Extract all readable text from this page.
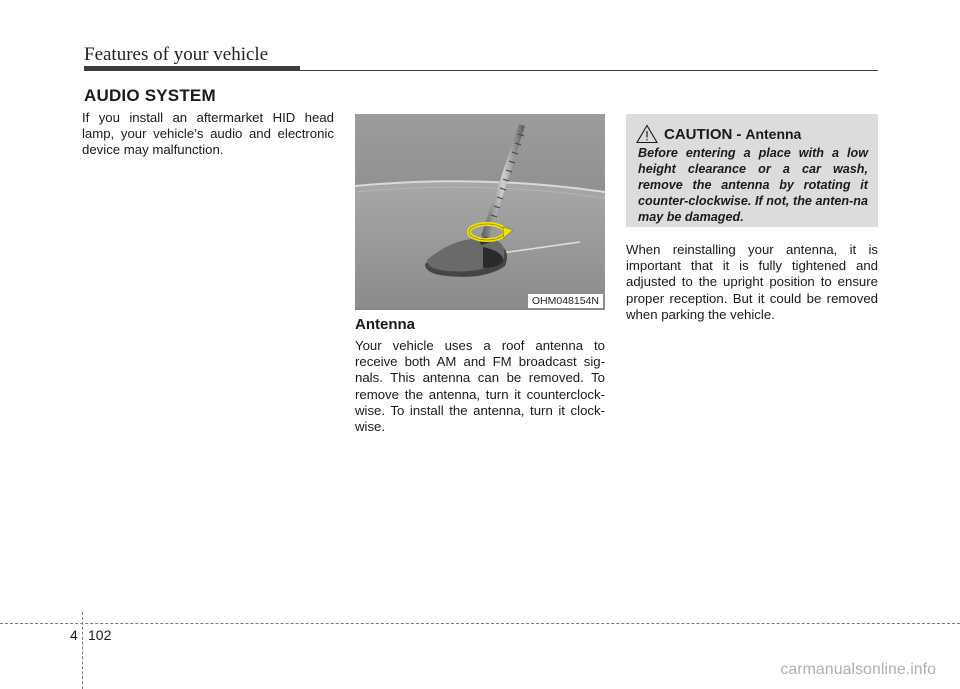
Features of your vehicle
AUDIO SYSTEM
If you install an aftermarket HID head lamp, your vehicle’s audio and electronic device may malfunction.
OHM048154N
Antenna
Your vehicle uses a roof antenna to receive both AM and FM broadcast sig-nals. This antenna can be removed. To remove the antenna, turn it counterclock-wise. To install the antenna, turn it clock-wise.
CAUTION - Antenna
Before entering a place with a low height clearance or a car wash, remove the antenna by rotating it counter-clockwise. If not, the anten-na may be damaged.
When reinstalling your antenna, it is important that it is fully tightened and adjusted to the upright position to ensure proper reception. But it could be removed when parking the vehicle.
4 102
carmanualsonline.info
